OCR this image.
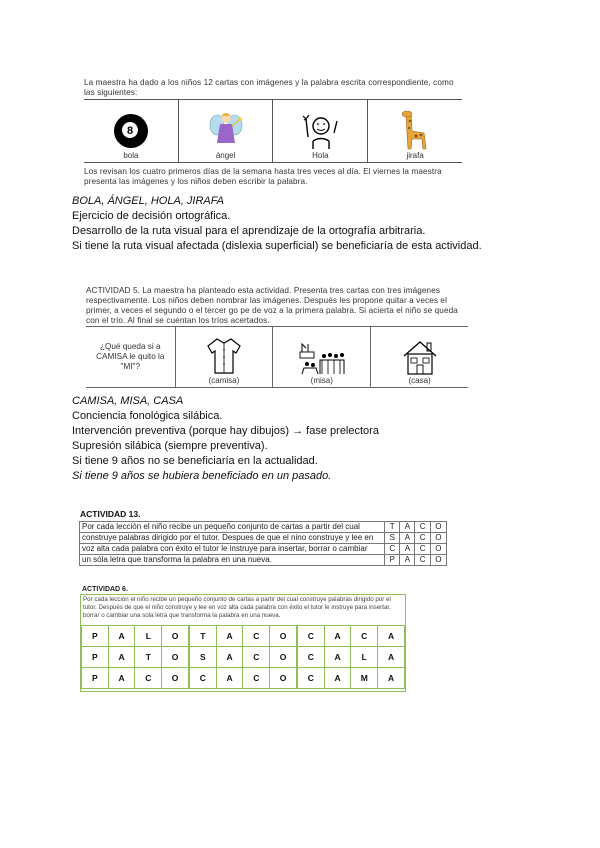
La maestra ha dado a los niños 12 cartas con imágenes y la palabra escrita correspondiente, como las siguientes:
8
bola	ángel	Hola	jirafa
Los revisan los cuatro primeros días de la semana hasta tres veces al día. El viernes la maestra presenta las imágenes y los niños deben escribir la palabra.
BOLA, ÁNGEL, HOLA, JIRAFA
Ejercicio de decisión ortográfica.
Desarrollo de la ruta visual para el aprendizaje de la ortografía arbitraria.
Si tiene la ruta visual afectada (dislexia superficial) se beneficiaría de esta actividad.
ACTIVIDAD 5. La maestra ha planteado esta actividad. Presenta tres cartas con tres imágenes respectivamente. Los niños deben nombrar las imágenes. Después les propone quitar a veces el primer, a veces el segundo o el tercer go pe de voz a la primera palabra. Si acierta el niño se queda con el trío. Al final se cuentan los tríos acertados.
¿Qué queda si a CAMISA le quito la "MI"?	
(camisa)	(misa)	(casa)
CAMISA, MISA, CASA
Conciencia fonológica silábica.
Intervención preventiva (porque hay dibujos) → fase prelectora
Supresión silábica (siempre preventiva).
Si tiene 9 años no se beneficiaría en la actualidad.
Si tiene 9 años se hubiera beneficiado en un pasado.
ACTIVIDAD 13.
Por cada lección el niño recibe un pequeño conjunto de cartas a partir del cual	T	A	C	O
construye palabras dirigido por el tutor. Despues de que el nino construye y lee en	S	A	C	O
voz alta cada palabra con éxito el tutor le instruye para insertar, borrar o cambiar	C	A	C	O
un sóla letra que transforma la palabra en una nueva.	P	A	C	O
ACTIVIDAD 6.
Por cada lección el niño recibe un pequeño conjunto de cartas a partir del cual construye palabras dirigido por el tutor. Después de que el niño construye y lee en voz alta cada palabra con éxito el tutor le instruye para insertar, borrar o cambiar una sola letra que transforma la palabra en una nueva.
P	A	L	O	T	A	C	O	C	A	C	A
P	A	T	O	S	A	C	O	C	A	L	A
P	A	C	O	C	A	C	O	C	A	M	A
